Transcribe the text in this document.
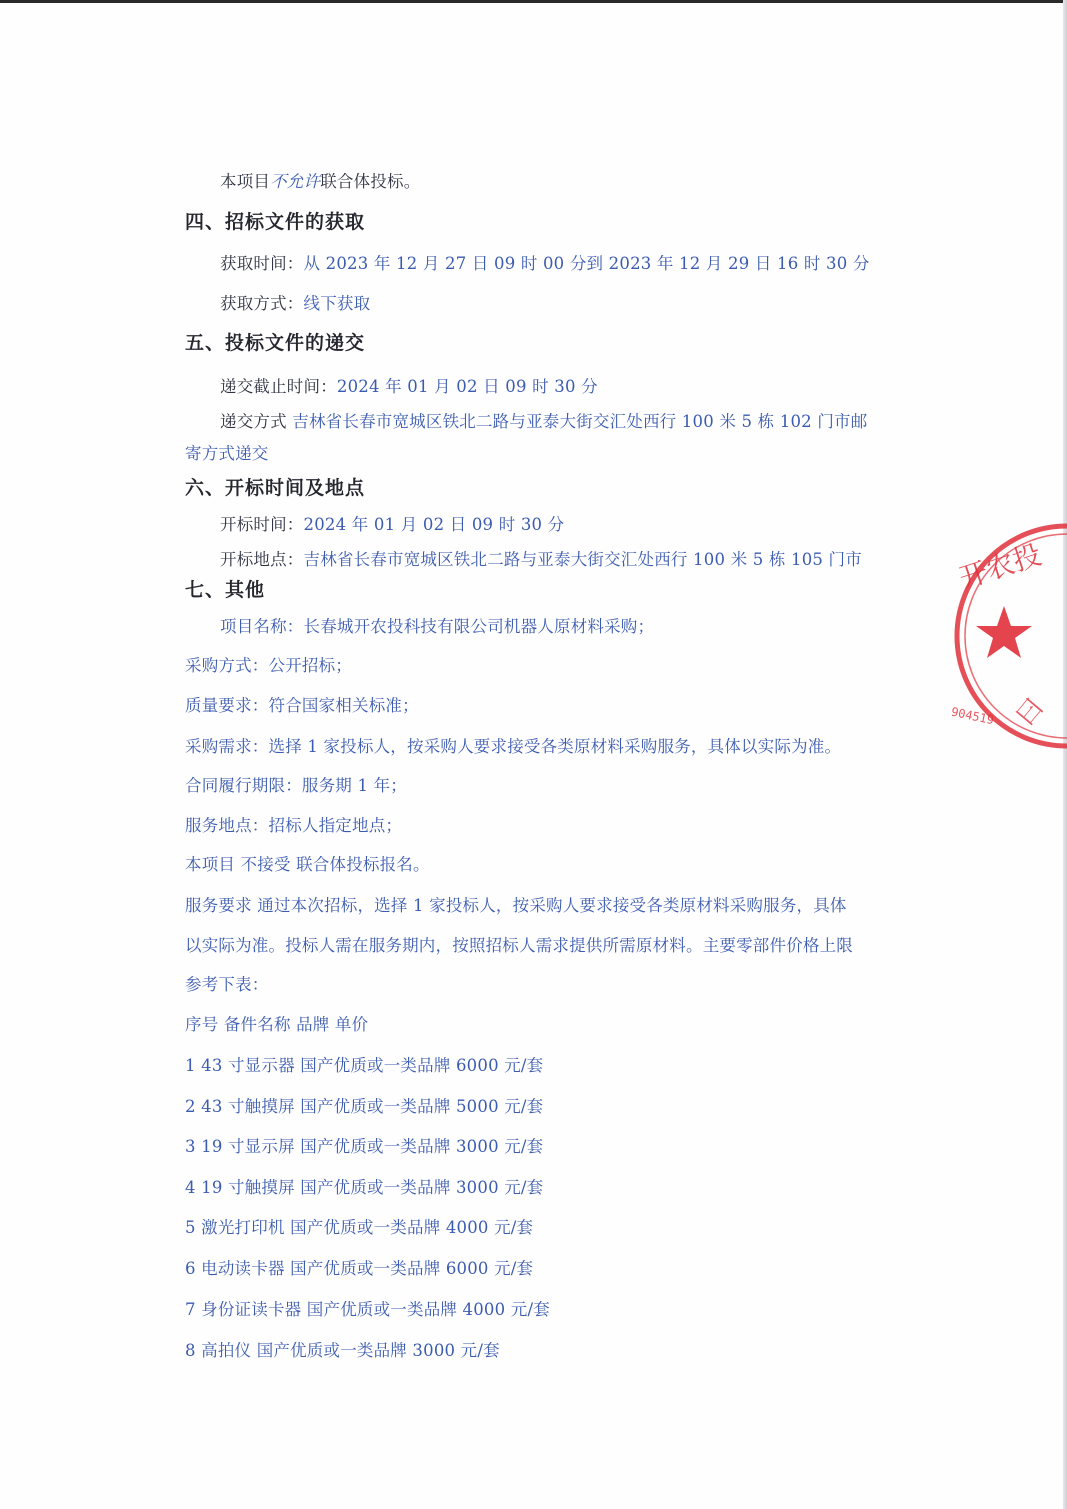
本项目不允许联合体投标。
四、招标文件的获取
获取时间：从 2023 年 12 月 27 日 09 时 00 分到 2023 年 12 月 29 日 16 时 30 分
获取方式：线下获取
五、投标文件的递交
递交截止时间：2024 年 01 月 02 日 09 时 30 分
递交方式 吉林省长春市宽城区铁北二路与亚泰大街交汇处西行 100 米 5 栋 102 门市邮
寄方式递交
六、开标时间及地点
开标时间：2024 年 01 月 02 日 09 时 30 分
开标地点：吉林省长春市宽城区铁北二路与亚泰大街交汇处西行 100 米 5 栋 105 门市
七、其他
项目名称：长春城开农投科技有限公司机器人原材料采购；
采购方式：公开招标；
质量要求：符合国家相关标准；
采购需求：选择 1 家投标人，按采购人要求接受各类原材料采购服务，具体以实际为准。
合同履行期限：服务期 1 年；
服务地点：招标人指定地点；
本项目 不接受 联合体投标报名。
服务要求 通过本次招标，选择 1 家投标人，按采购人要求接受各类原材料采购服务，具体
以实际为准。投标人需在服务期内，按照招标人需求提供所需原材料。主要零部件价格上限
参考下表：
序号 备件名称 品牌 单价
1 43 寸显示器 国产优质或一类品牌 6000 元/套
2 43 寸触摸屏 国产优质或一类品牌 5000 元/套
3 19 寸显示屏 国产优质或一类品牌 3000 元/套
4 19 寸触摸屏 国产优质或一类品牌 3000 元/套
5 激光打印机 国产优质或一类品牌 4000 元/套
6 电动读卡器 国产优质或一类品牌 6000 元/套
7 身份证读卡器 国产优质或一类品牌 4000 元/套
8 高拍仪 国产优质或一类品牌 3000 元/套
开农投
904519 曰
